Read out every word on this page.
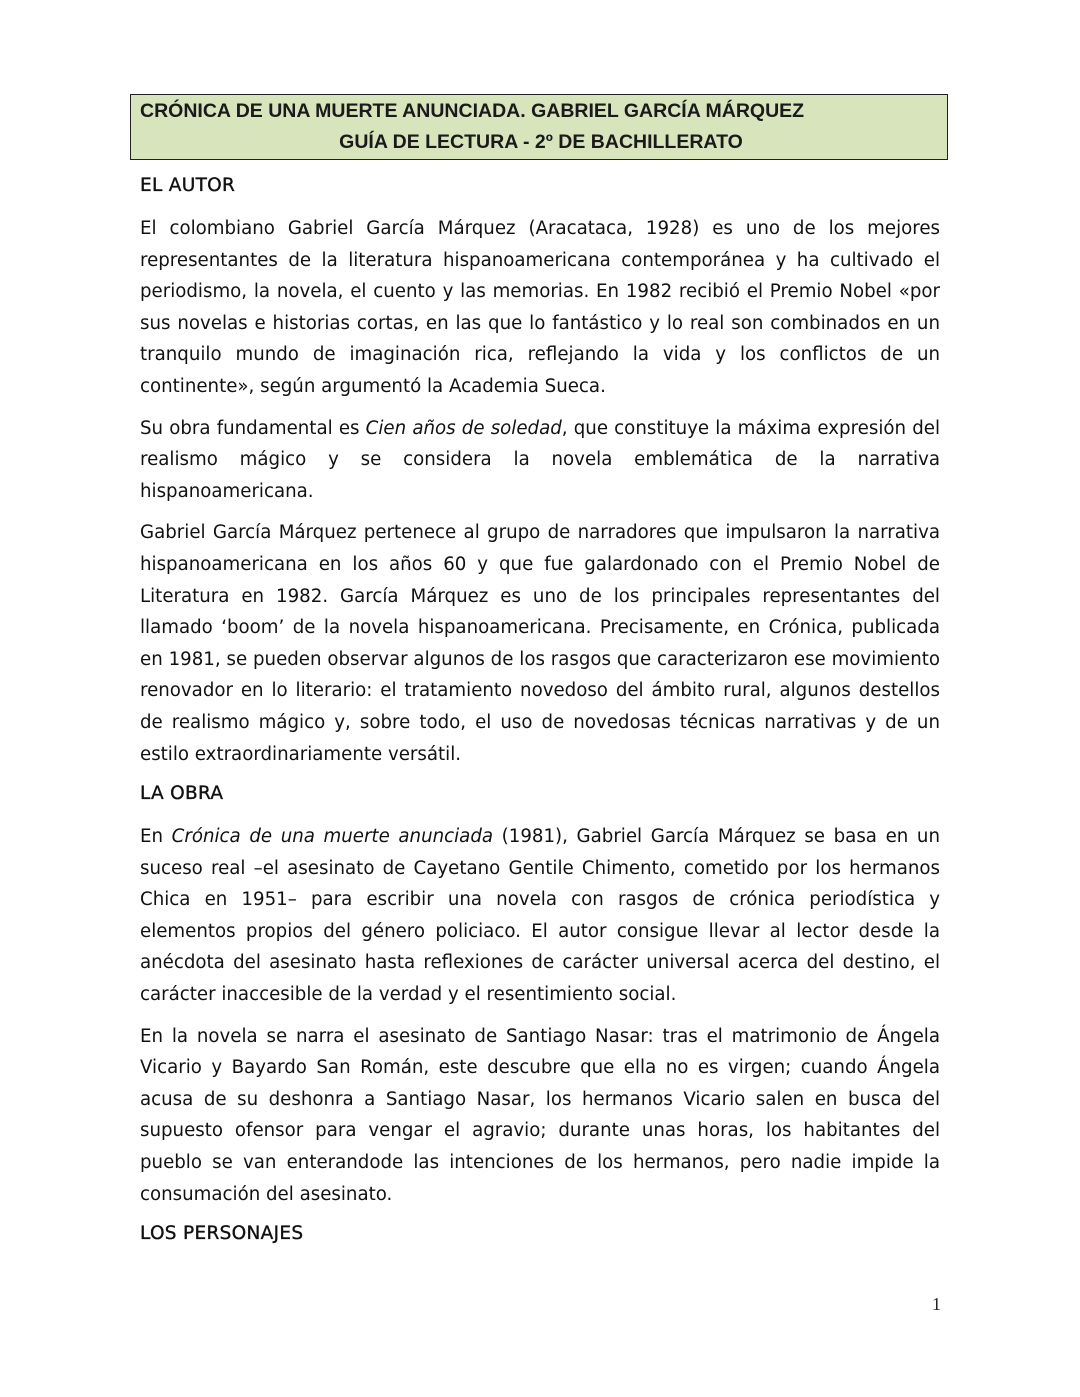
CRÓNICA DE UNA MUERTE ANUNCIADA. GABRIEL GARCÍA MÁRQUEZ
GUÍA DE LECTURA - 2º DE BACHILLERATO
EL AUTOR

El colombiano Gabriel García Márquez (Aracataca, 1928) es uno de los mejores representantes de la literatura hispanoamericana contemporánea y ha cultivado el periodismo, la novela, el cuento y las memorias. En 1982 recibió el Premio Nobel «por sus novelas e historias cortas, en las que lo fantástico y lo real son combinados en un tranquilo mundo de imaginación rica, reflejando la vida y los conflictos de un continente», según argumentó la Academia Sueca.

Su obra fundamental es Cien años de soledad, que constituye la máxima expresión del realismo mágico y se considera la novela emblemática de la narrativa hispanoamericana.

Gabriel García Márquez pertenece al grupo de narradores que impulsaron la narrativa hispanoamericana en los años 60 y que fue galardonado con el Premio Nobel de Literatura en 1982. García Márquez es uno de los principales representantes del llamado ‘boom’ de la novela hispanoamericana. Precisamente, en Crónica, publicada en 1981, se pueden observar algunos de los rasgos que caracterizaron ese movimiento renovador en lo literario: el tratamiento novedoso del ámbito rural, algunos destellos de realismo mágico y, sobre todo, el uso de novedosas técnicas narrativas y de un estilo extraordinariamente versátil.

LA OBRA

En Crónica de una muerte anunciada (1981), Gabriel García Márquez se basa en un suceso real –el asesinato de Cayetano Gentile Chimento, cometido por los hermanos Chica en 1951– para escribir una novela con rasgos de crónica periodística y elementos propios del género policiaco. El autor consigue llevar al lector desde la anécdota del asesinato hasta reflexiones de carácter universal acerca del destino, el carácter inaccesible de la verdad y el resentimiento social.

En la novela se narra el asesinato de Santiago Nasar: tras el matrimonio de Ángela Vicario y Bayardo San Román, este descubre que ella no es virgen; cuando Ángela acusa de su deshonra a Santiago Nasar, los hermanos Vicario salen en busca del supuesto ofensor para vengar el agravio; durante unas horas, los habitantes del pueblo se van enterandode las intenciones de los hermanos, pero nadie impide la consumación del asesinato.

LOS PERSONAJES
1
